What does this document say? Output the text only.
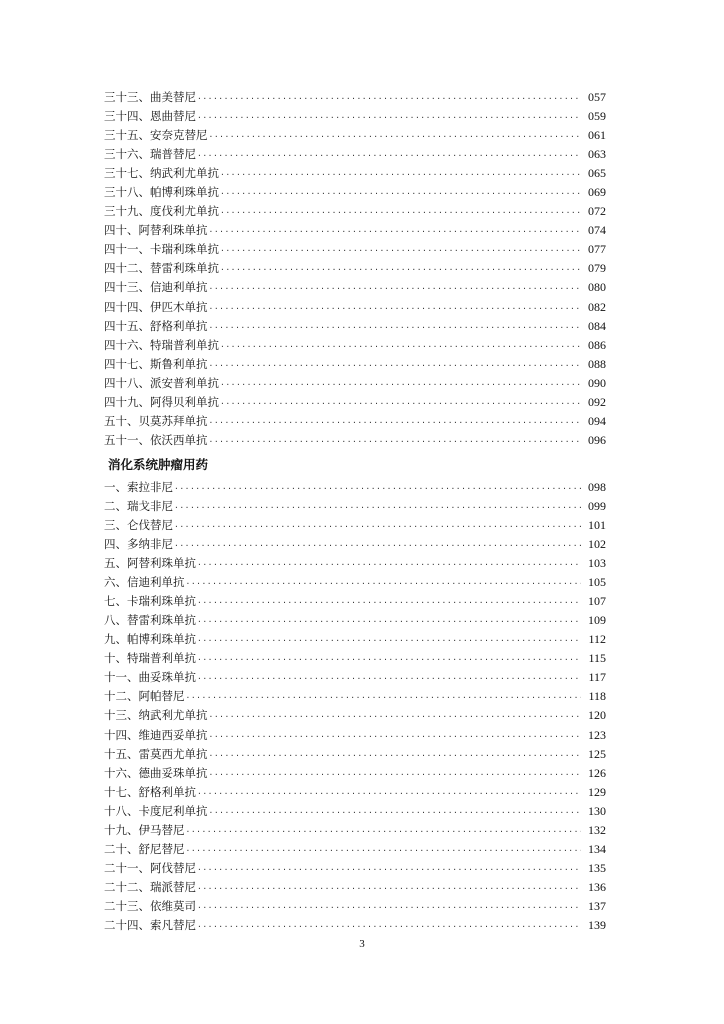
三十三、曲美替尼 ·····	057
三十四、恩曲替尼 ·····	059
三十五、安奈克替尼 ·····	061
三十六、瑞普替尼 ·····	063
三十七、纳武利尤单抗 ·····	065
三十八、帕博利珠单抗 ·····	069
三十九、度伐利尤单抗 ·····	072
四十、阿替利珠单抗 ·····	074
四十一、卡瑞利珠单抗 ·····	077
四十二、替雷利珠单抗 ·····	079
四十三、信迪利单抗 ·····	080
四十四、伊匹木单抗 ·····	082
四十五、舒格利单抗 ·····	084
四十六、特瑞普利单抗 ·····	086
四十七、斯鲁利单抗 ·····	088
四十八、派安普利单抗 ·····	090
四十九、阿得贝利单抗 ·····	092
五十、贝莫苏拜单抗 ·····	094
五十一、依沃西单抗 ·····	096
消化系统肿瘤用药
一、索拉非尼 ·····	098
二、瑞戈非尼 ·····	099
三、仑伐替尼 ·····	101
四、多纳非尼 ·····	102
五、阿替利珠单抗 ·····	103
六、信迪利单抗 ·····	105
七、卡瑞利珠单抗 ·····	107
八、替雷利珠单抗 ·····	109
九、帕博利珠单抗 ·····	112
十、特瑞普利单抗 ·····	115
十一、曲妥珠单抗 ·····	117
十二、阿帕替尼 ·····	118
十三、纳武利尤单抗 ·····	120
十四、维迪西妥单抗 ·····	123
十五、雷莫西尤单抗 ·····	125
十六、德曲妥珠单抗 ·····	126
十七、舒格利单抗 ·····	129
十八、卡度尼利单抗 ·····	130
十九、伊马替尼 ·····	132
二十、舒尼替尼 ·····	134
二十一、阿伐替尼 ·····	135
二十二、瑞派替尼 ·····	136
二十三、依维莫司 ·····	137
二十四、索凡替尼 ·····	139
3
